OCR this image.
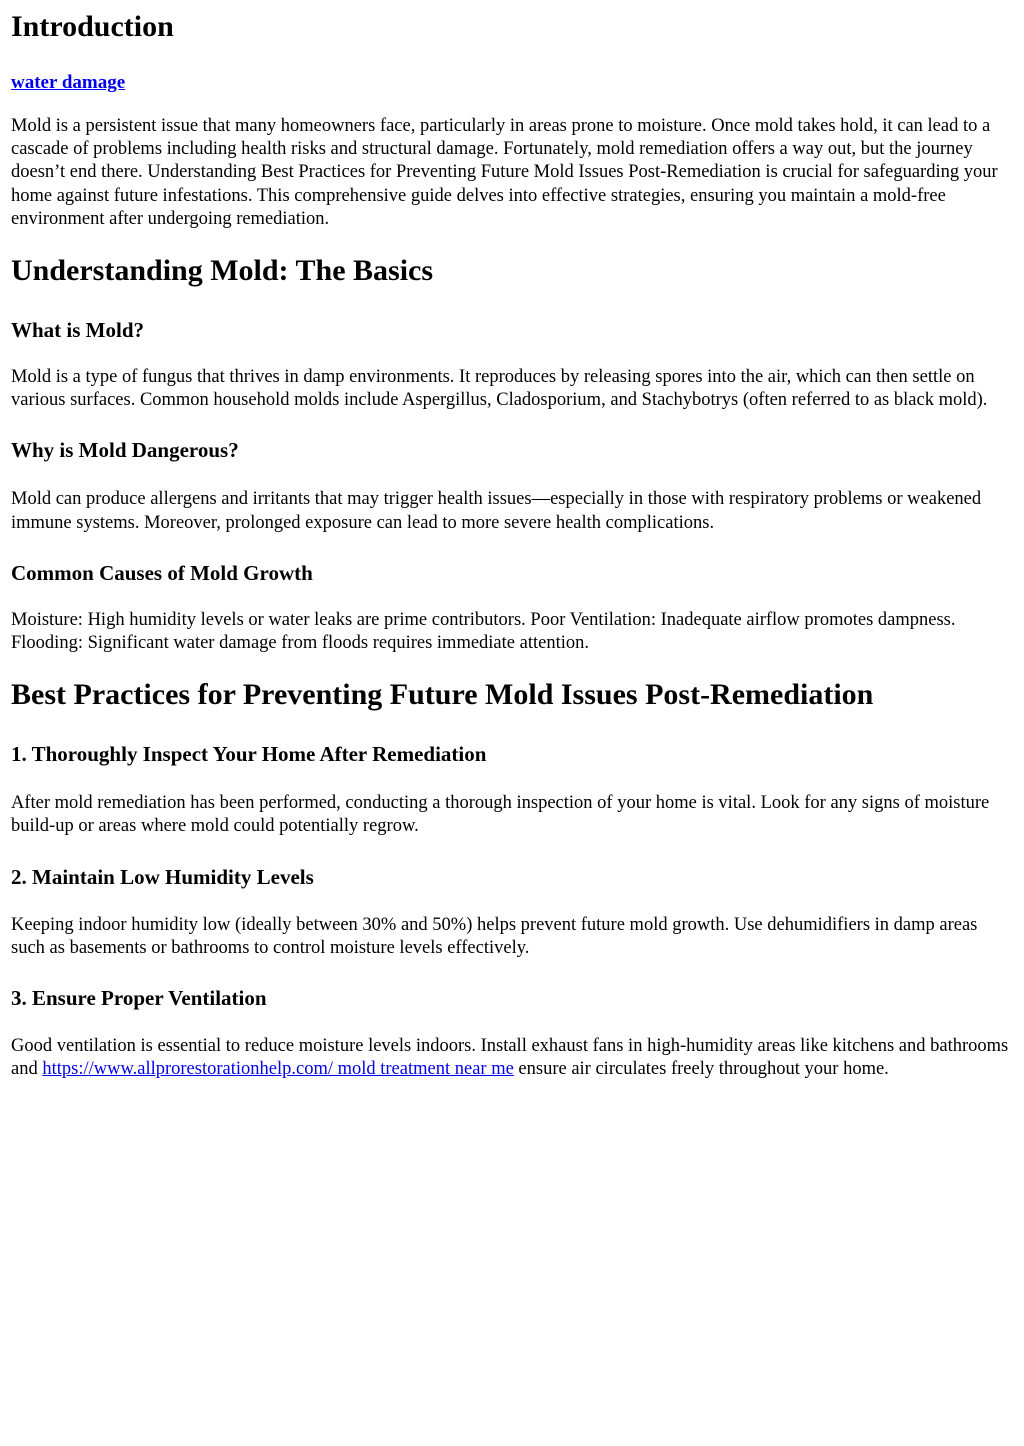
Introduction

water damage

Mold is a persistent issue that many homeowners face, particularly in areas prone to moisture. Once mold takes hold, it can lead to a cascade of problems including health risks and structural damage. Fortunately, mold remediation offers a way out, but the journey doesn’t end there. Understanding Best Practices for Preventing Future Mold Issues Post-Remediation is crucial for safeguarding your home against future infestations. This comprehensive guide delves into effective strategies, ensuring you maintain a mold-free environment after undergoing remediation.

Understanding Mold: The Basics
What is Mold?

Mold is a type of fungus that thrives in damp environments. It reproduces by releasing spores into the air, which can then settle on various surfaces. Common household molds include Aspergillus, Cladosporium, and Stachybotrys (often referred to as black mold).

Why is Mold Dangerous?

Mold can produce allergens and irritants that may trigger health issues—especially in those with respiratory problems or weakened immune systems. Moreover, prolonged exposure can lead to more severe health complications.

Common Causes of Mold Growth

Moisture: High humidity levels or water leaks are prime contributors. Poor Ventilation: Inadequate airflow promotes dampness. Flooding: Significant water damage from floods requires immediate attention.

Best Practices for Preventing Future Mold Issues Post-Remediation
1. Thoroughly Inspect Your Home After Remediation

After mold remediation has been performed, conducting a thorough inspection of your home is vital. Look for any signs of moisture build-up or areas where mold could potentially regrow.

2. Maintain Low Humidity Levels

Keeping indoor humidity low (ideally between 30% and 50%) helps prevent future mold growth. Use dehumidifiers in damp areas such as basements or bathrooms to control moisture levels effectively.

3. Ensure Proper Ventilation

Good ventilation is essential to reduce moisture levels indoors. Install exhaust fans in high-humidity areas like kitchens and bathrooms and https://www.allprorestorationhelp.com/ mold treatment near me ensure air circulates freely throughout your home.
